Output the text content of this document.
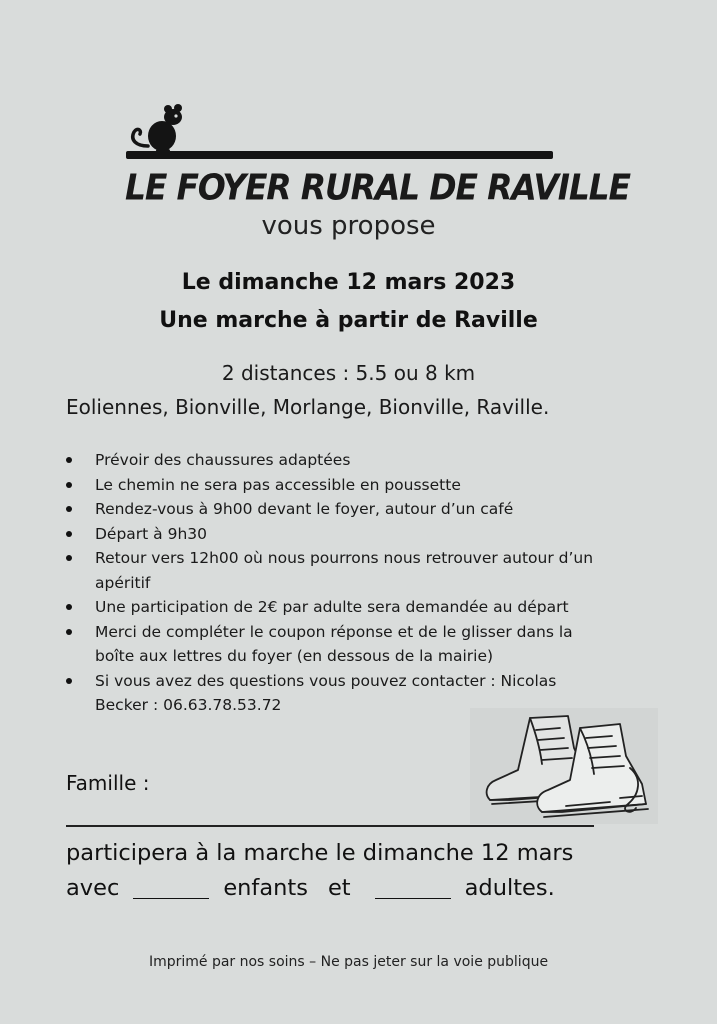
LE FOYER RURAL DE RAVILLE
vous propose
Le dimanche 12 mars 2023
Une marche à partir de Raville
2 distances : 5.5 ou 8 km
Eoliennes, Bionville, Morlange, Bionville, Raville.
Prévoir des chaussures adaptées
Le chemin ne sera pas accessible en poussette
Rendez-vous à 9h00 devant le foyer, autour d’un café
Départ à 9h30
Retour vers 12h00 où nous pourrons nous retrouver autour d’un
apéritif
Une participation de 2€ par adulte sera demandée au départ
Merci de compléter le coupon réponse et de le glisser dans la
boîte aux lettres du foyer (en dessous de la mairie)
Si vous avez des questions vous pouvez contacter : Nicolas
Becker : 06.63.78.53.72
Famille :
participera à la marche le dimanche 12 mars
avec	enfants et	adultes.
Imprimé par nos soins – Ne pas jeter sur la voie publique
